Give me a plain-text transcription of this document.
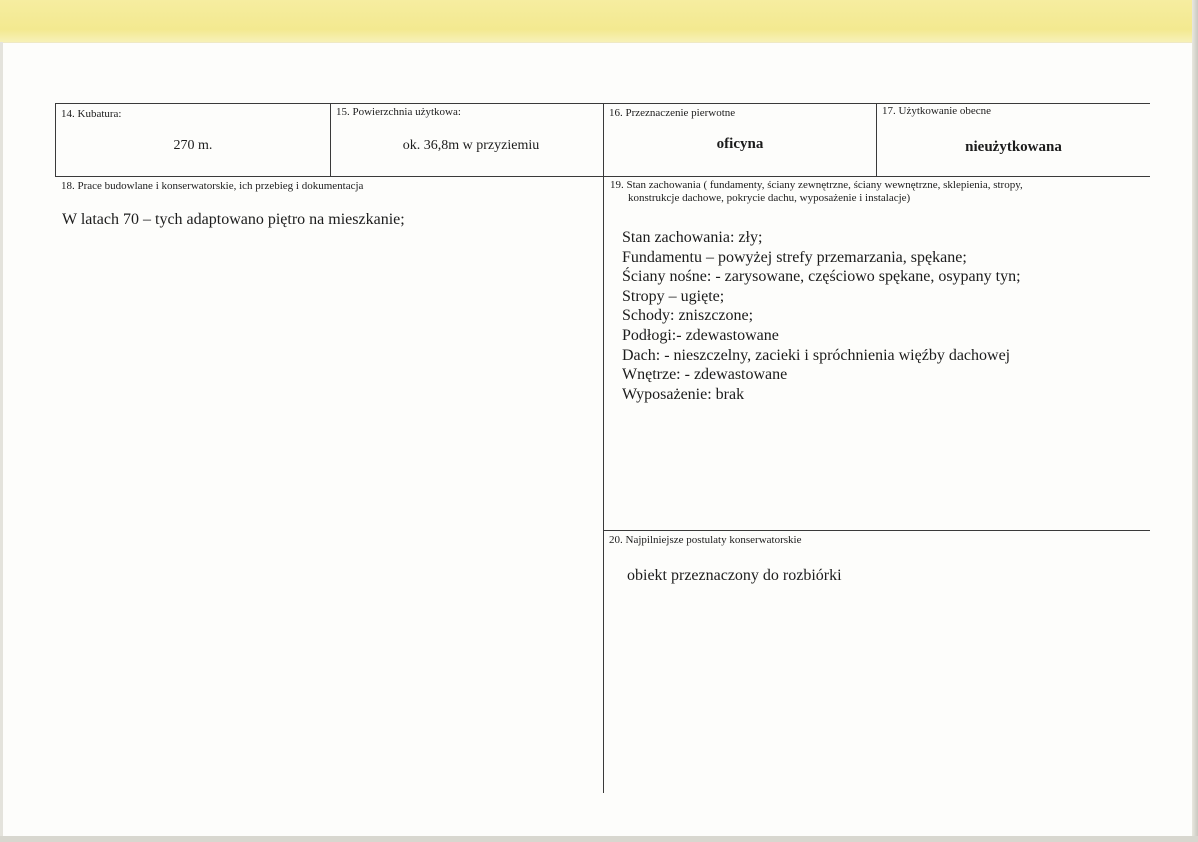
14. Kubatura:
270 m.
15. Powierzchnia użytkowa:
ok. 36,8m w przyziemiu
16. Przeznaczenie pierwotne
oficyna
17. Użytkowanie obecne
nieużytkowana
18. Prace budowlane i konserwatorskie, ich przebieg i dokumentacja
W latach 70 – tych adaptowano piętro na mieszkanie;
19. Stan zachowania ( fundamenty, ściany zewnętrzne, ściany wewnętrzne, sklepienia, stropy,
konstrukcje dachowe, pokrycie dachu, wyposażenie i instalacje)
Stan zachowania: zły;
Fundamentu – powyżej strefy przemarzania, spękane;
Ściany nośne: - zarysowane, częściowo spękane, osypany tyn;
Stropy – ugięte;
Schody: zniszczone;
Podłogi:- zdewastowane
Dach: - nieszczelny, zacieki i spróchnienia więźby dachowej
Wnętrze: - zdewastowane
Wyposażenie: brak
20. Najpilniejsze postulaty konserwatorskie
obiekt przeznaczony do rozbiórki
